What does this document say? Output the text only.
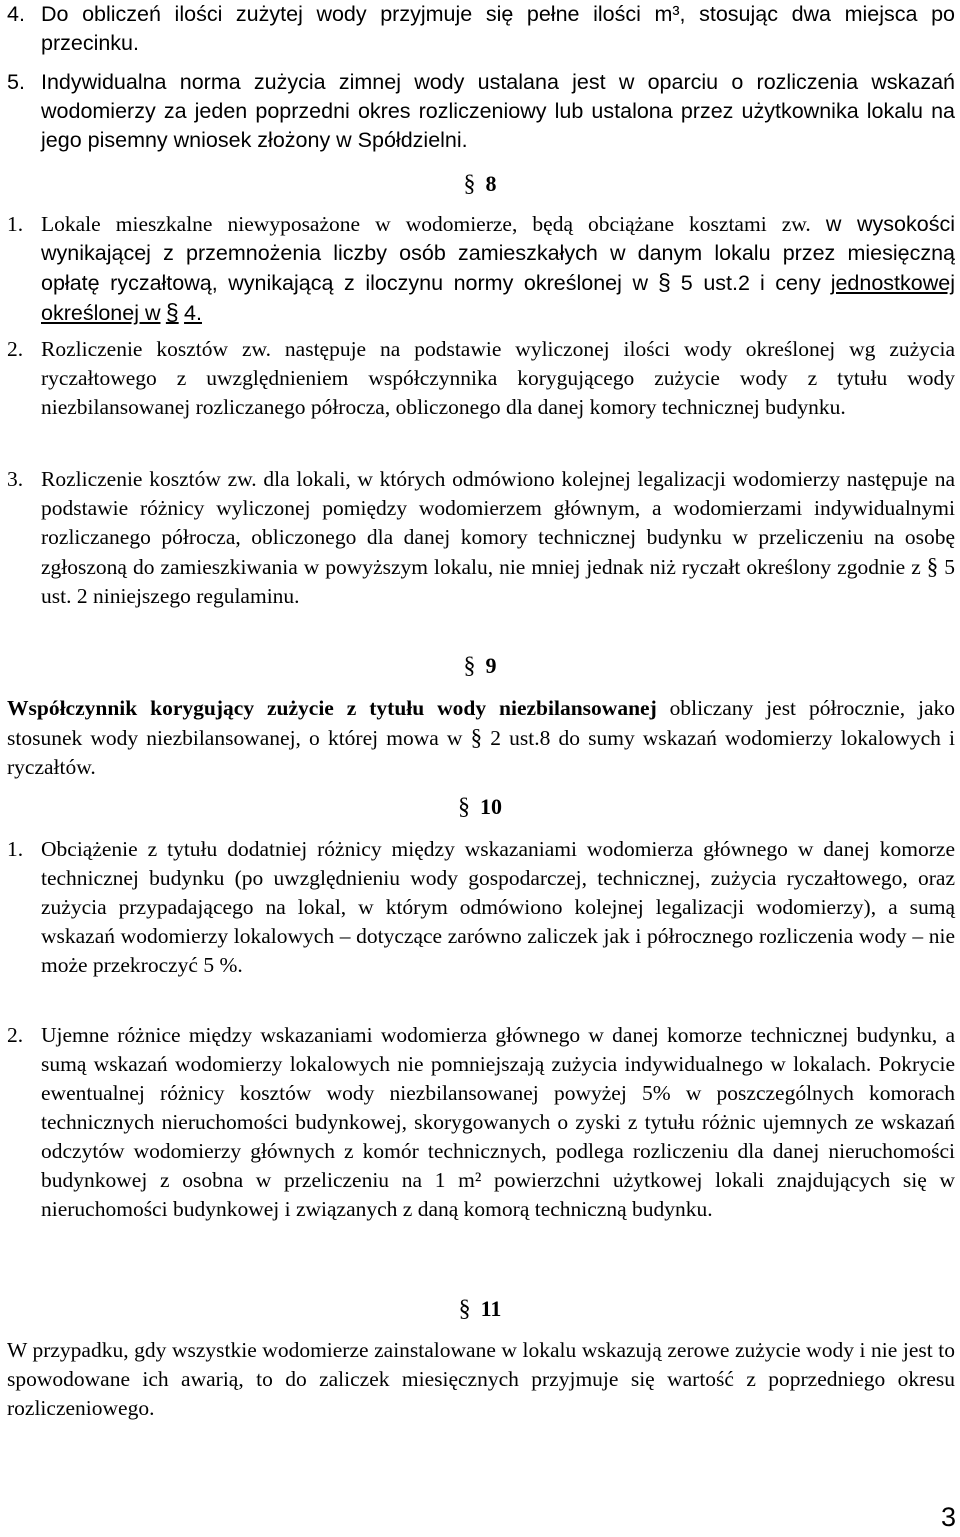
4. Do obliczeń ilości zużytej wody przyjmuje się pełne ilości m³, stosując dwa miejsca po przecinku.
5. Indywidualna norma zużycia zimnej wody ustalana jest w oparciu o rozliczenia wskazań wodomierzy za jeden poprzedni okres rozliczeniowy lub ustalona przez użytkownika lokalu na jego pisemny wniosek złożony w Spółdzielni.
§ 8
1. Lokale mieszkalne niewyposażone w wodomierze, będą obciążane kosztami zw. w wysokości wynikającej z przemnożenia liczby osób zamieszkałych w danym lokalu przez miesięczną opłatę ryczałtową, wynikającą z iloczynu normy określonej w § 5 ust.2 i ceny jednostkowej określonej w § 4.
2. Rozliczenie kosztów zw. następuje na podstawie wyliczonej ilości wody określonej wg zużycia ryczałtowego z uwzględnieniem współczynnika korygującego zużycie wody z tytułu wody niezbilansowanej rozliczanego półrocza, obliczonego dla danej komory technicznej budynku.
3. Rozliczenie kosztów zw. dla lokali, w których odmówiono kolejnej legalizacji wodomierzy następuje na podstawie różnicy wyliczonej pomiędzy wodomierzem głównym, a wodomierzami indywidualnymi rozliczanego półrocza, obliczonego dla danej komory technicznej budynku w przeliczeniu na osobę zgłoszoną do zamieszkiwania w powyższym lokalu, nie mniej jednak niż ryczałt określony zgodnie z § 5 ust. 2 niniejszego regulaminu.
§ 9
Współczynnik korygujący zużycie z tytułu wody niezbilansowanej obliczany jest półrocznie, jako stosunek wody niezbilansowanej, o której mowa w § 2 ust.8 do sumy wskazań wodomierzy lokalowych i ryczałtów.
§ 10
1. Obciążenie z tytułu dodatniej różnicy między wskazaniami wodomierza głównego w danej komorze technicznej budynku (po uwzględnieniu wody gospodarczej, technicznej, zużycia ryczałtowego, oraz zużycia przypadającego na lokal, w którym odmówiono kolejnej legalizacji wodomierzy), a sumą wskazań wodomierzy lokalowych – dotyczące zarówno zaliczek jak i półrocznego rozliczenia wody – nie może przekroczyć 5 %.
2. Ujemne różnice między wskazaniami wodomierza głównego w danej komorze technicznej budynku, a sumą wskazań wodomierzy lokalowych nie pomniejszają zużycia indywidualnego w lokalach. Pokrycie ewentualnej różnicy kosztów wody niezbilansowanej powyżej 5% w poszczególnych komorach technicznych nieruchomości budynkowej, skorygowanych o zyski z tytułu różnic ujemnych ze wskazań odczytów wodomierzy głównych z komór technicznych, podlega rozliczeniu dla danej nieruchomości budynkowej z osobna w przeliczeniu na 1 m² powierzchni użytkowej lokali znajdujących się w nieruchomości budynkowej i związanych z daną komorą techniczną budynku.
§ 11
W przypadku, gdy wszystkie wodomierze zainstalowane w lokalu wskazują zerowe zużycie wody i nie jest to spowodowane ich awarią, to do zaliczek miesięcznych przyjmuje się wartość z poprzedniego okresu rozliczeniowego.
3
